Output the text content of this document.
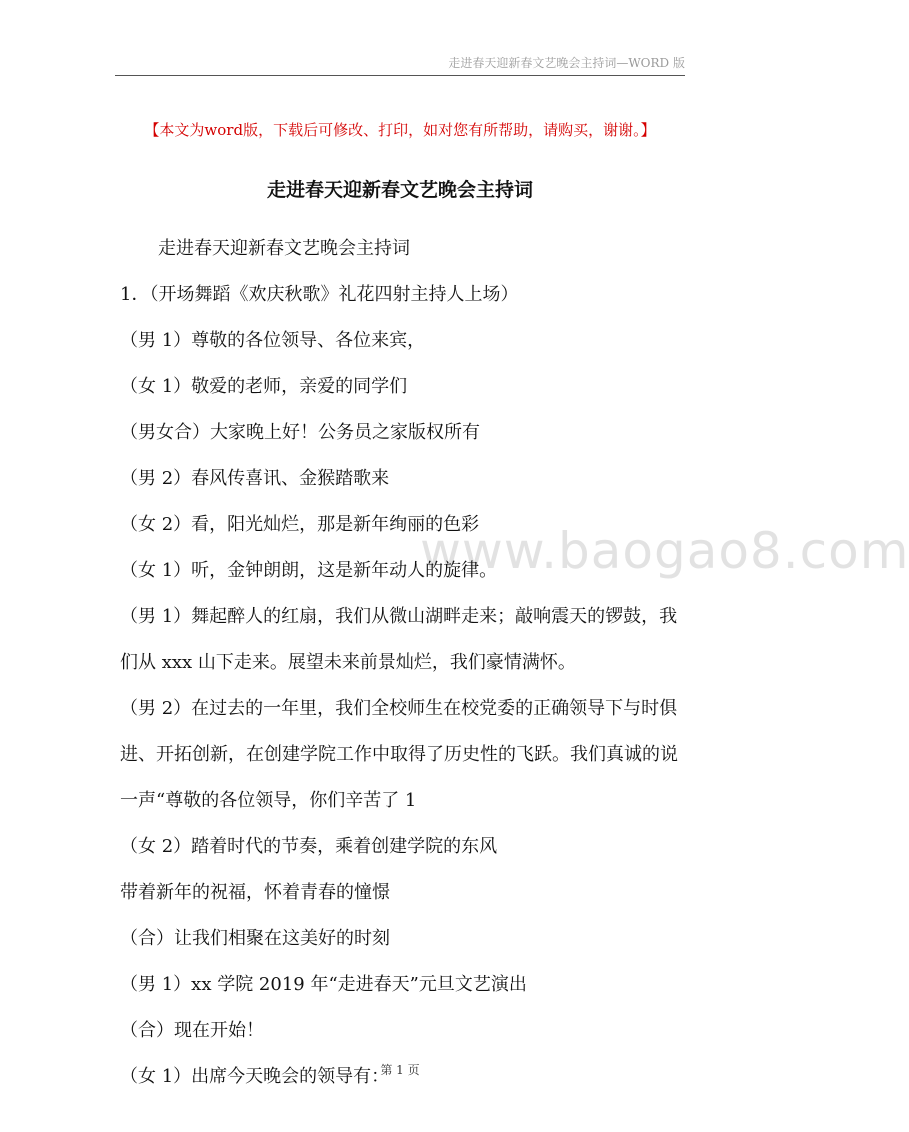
走进春天迎新春文艺晚会主持词—WORD 版
【本文为word版，下载后可修改、打印，如对您有所帮助，请购买，谢谢。】
走进春天迎新春文艺晚会主持词
www.baogao8.com

走进春天迎新春文艺晚会主持词

1．（开场舞蹈《欢庆秋歌》礼花四射主持人上场）

（男 1）尊敬的各位领导、各位来宾，

（女 1）敬爱的老师，亲爱的同学们

（男女合）大家晚上好！公务员之家版权所有

（男 2）春风传喜讯、金猴踏歌来

（女 2）看，阳光灿烂，那是新年绚丽的色彩

（女 1）听，金钟朗朗，这是新年动人的旋律。

（男 1）舞起醉人的红扇，我们从微山湖畔走来；敲响震天的锣鼓，我们从 xxx 山下走来。展望未来前景灿烂，我们豪情满怀。

（男 2）在过去的一年里，我们全校师生在校党委的正确领导下与时俱进、开拓创新，在创建学院工作中取得了历史性的飞跃。我们真诚的说一声“尊敬的各位领导，你们辛苦了 1

（女 2）踏着时代的节奏，乘着创建学院的东风

带着新年的祝福，怀着青春的憧憬

（合）让我们相聚在这美好的时刻

（男 1）xx 学院 2019 年“走进春天”元旦文艺演出

（合）现在开始！

（女 1）出席今天晚会的领导有：

第 1 页
